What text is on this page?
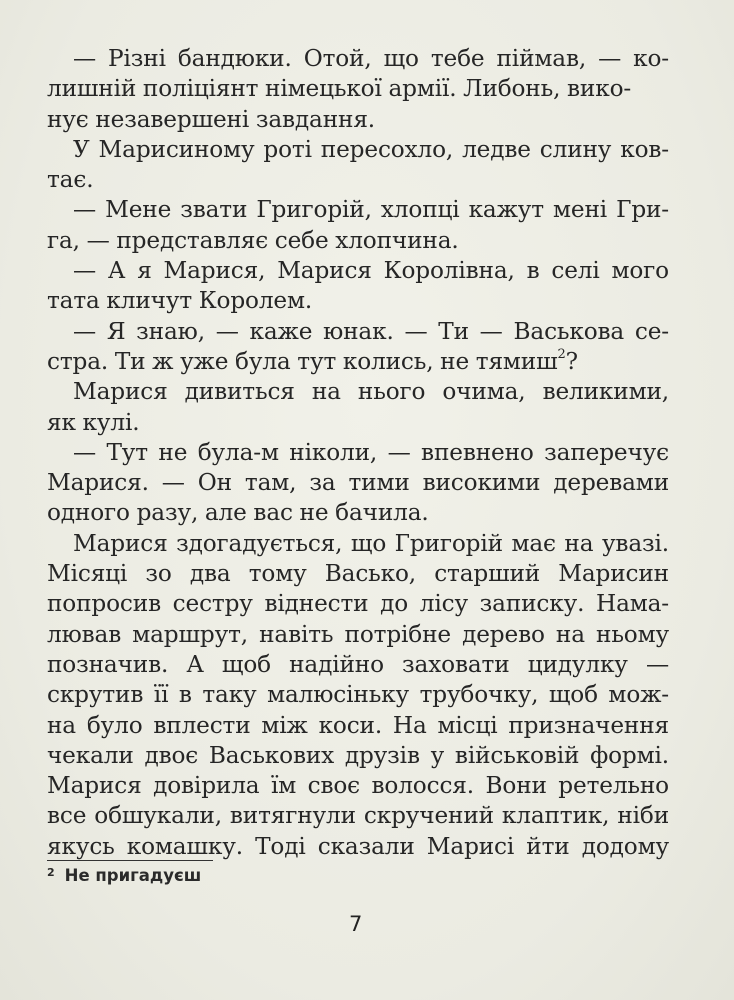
— Різні бандюки. Отой, що тебе піймав, — ко-
лишній поліціянт німецької армії. Либонь, вико-
нує незавершені завдання.
У Марисиному роті пересохло, ледве слину ков-
тає.
— Мене звати Григорій, хлопці кажут мені Гри-
га, — представляє себе хлопчина.
— А я Марися, Марися Королівна, в селі мого
тата кличут Королем.
— Я знаю, — каже юнак. — Ти — Васькова се-
стра. Ти ж уже була тут колись, не тямиш$^2$?
Марися дивиться на нього очима, великими,
як кулі.
— Тут не була-м ніколи, — впевнено заперечує
Марися. — Он там, за тими високими деревами
одного разу, але вас не бачила.
Марися здогадується, що Григорій має на увазі.
Місяці зо два тому Васько, старший Марисин
попросив сестру віднести до лісу записку. Нама-
лював маршрут, навіть потрібне дерево на ньому
позначив. А щоб надійно заховати цидулку —
скрутив її в таку малюсіньку трубочку, щоб мож-
на було вплести між коси. На місці призначення
чекали двоє Васькових друзів у військовій формі.
Марися довірила їм своє волосся. Вони ретельно
все обшукали, витягнули скручений клаптик, ніби
якусь комашку. Тоді сказали Марисі йти додому
$^2$ Не пригадуєш
7
